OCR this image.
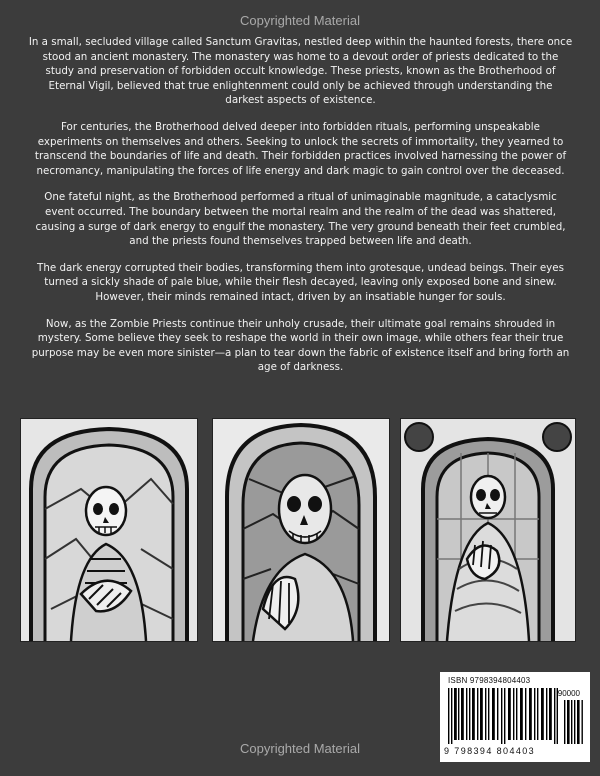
Copyrighted Material

In a small, secluded village called Sanctum Gravitas, nestled deep within the haunted forests, there once stood an ancient monastery. The monastery was home to a devout order of priests dedicated to the study and preservation of forbidden occult knowledge. These priests, known as the Brotherhood of Eternal Vigil, believed that true enlightenment could only be achieved through understanding the darkest aspects of existence.

For centuries, the Brotherhood delved deeper into forbidden rituals, performing unspeakable experiments on themselves and others. Seeking to unlock the secrets of immortality, they yearned to transcend the boundaries of life and death. Their forbidden practices involved harnessing the power of necromancy, manipulating the forces of life energy and dark magic to gain control over the deceased.

One fateful night, as the Brotherhood performed a ritual of unimaginable magnitude, a cataclysmic event occurred. The boundary between the mortal realm and the realm of the dead was shattered, causing a surge of dark energy to engulf the monastery. The very ground beneath their feet crumbled, and the priests found themselves trapped between life and death.

The dark energy corrupted their bodies, transforming them into grotesque, undead beings. Their eyes turned a sickly shade of pale blue, while their flesh decayed, leaving only exposed bone and sinew. However, their minds remained intact, driven by an insatiable hunger for souls.

Now, as the Zombie Priests continue their unholy crusade, their ultimate goal remains shrouded in mystery. Some believe they seek to reshape the world in their own image, while others fear their true purpose may be even more sinister—a plan to tear down the fabric of existence itself and bring forth an age of darkness.

ISBN 9798394804403
90000
9 798394 804403
Copyrighted Material
